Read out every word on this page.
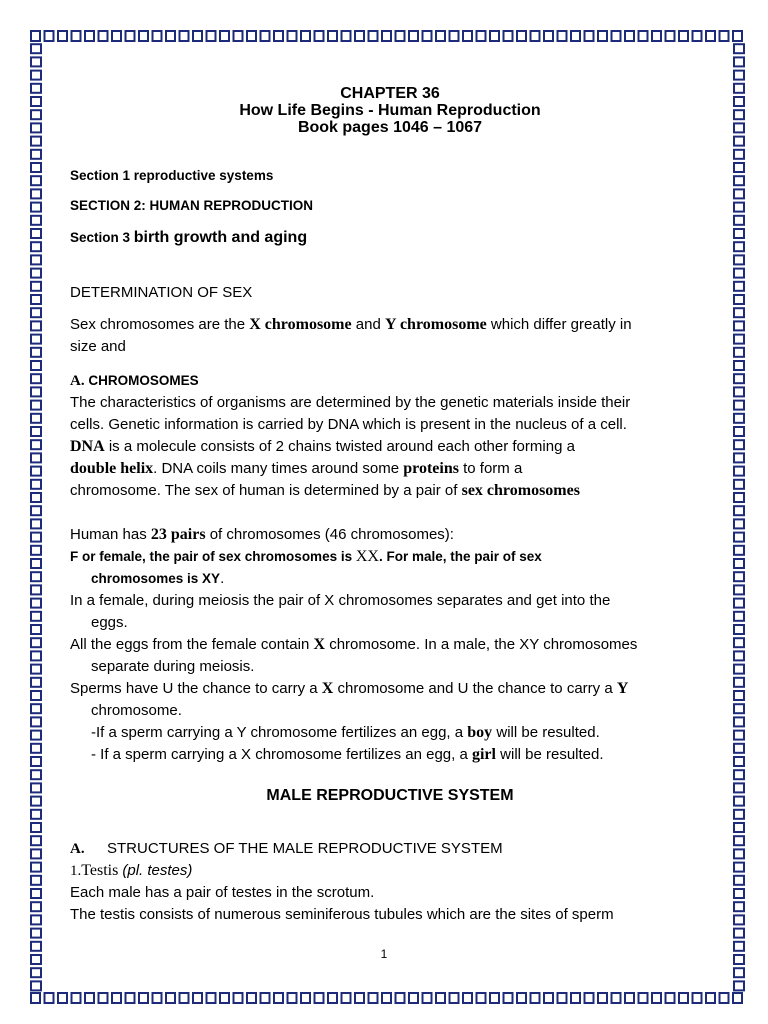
CHAPTER 36
How Life Begins - Human Reproduction
Book pages 1046 – 1067
Section 1 reproductive systems
SECTION 2: HUMAN REPRODUCTION
Section 3 birth growth and aging
DETERMINATION OF SEX
Sex chromosomes are the X chromosome and Y chromosome which differ greatly in
size and
A. CHROMOSOMES
The characteristics of organisms are determined by the genetic materials inside their
cells. Genetic information is carried by DNA which is present in the nucleus of a cell.
DNA is a molecule consists of 2 chains twisted around each other forming a
double helix. DNA coils many times around some proteins to form a
chromosome. The sex of human is determined by a pair of sex chromosomes
Human has 23 pairs of chromosomes (46 chromosomes):
F or female, the pair of sex chromosomes is XX. For male, the pair of sex
chromosomes is XY.
In a female, during meiosis the pair of X chromosomes separates and get into the
eggs.
All the eggs from the female contain X chromosome. In a male, the XY chromosomes
separate during meiosis.
Sperms have U the chance to carry a X chromosome and U the chance to carry a Y
chromosome.
-If a sperm carrying a Y chromosome fertilizes an egg, a boy will be resulted.
- If a sperm carrying a X chromosome fertilizes an egg, a girl will be resulted.
MALE REPRODUCTIVE SYSTEM
A. STRUCTURES OF THE MALE REPRODUCTIVE SYSTEM
1.Testis (pl. testes)
Each male has a pair of testes in the scrotum.
The testis consists of numerous seminiferous tubules which are the sites of sperm
1
